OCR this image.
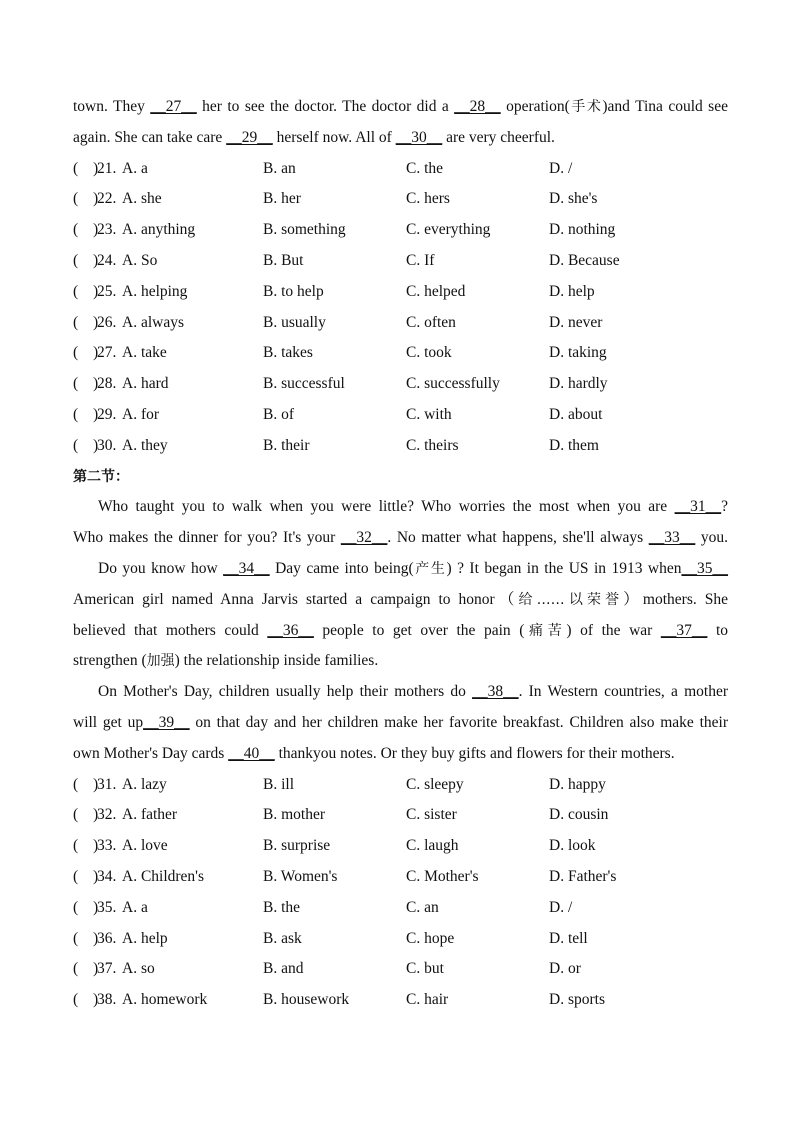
town. They __27__ her to see the doctor. The doctor did a __28__ operation(手术)and Tina could see
again. She can take care __29__ herself now. All of __30__ are very cheerful.
( )
21. A. a	B. an	C. the	D. /
( )
22. A. she	B. her	C. hers	D. she's
( )
23. A. anything	B. something	C. everything	D. nothing
( )
24. A. So	B. But	C. If	D. Because
( )
25. A. helping	B. to help	C. helped	D. help
( )
26. A. always	B. usually	C. often	D. never
( )
27. A. take	B. takes	C. took	D. taking
( )
28. A. hard	B. successful	C. successfully	D. hardly
( )
29. A. for	B. of	C. with	D. about
( )
30. A. they	B. their	C. theirs	D. them
第二节：
Who taught you to walk when you were little? Who worries the most when you are __31__?
Who makes the dinner for you? It's your __32__. No matter what happens, she'll always __33__ you.
Do you know how __34__ Day came into being(产生) ? It began in the US in 1913 when__35__
American girl named Anna Jarvis started a campaign to honor（给……以荣誉）mothers. She
believed that mothers could __36__ people to get over the pain (痛苦) of the war __37__ to
strengthen (加强) the relationship inside families.
On Mother's Day, children usually help their mothers do __38__. In Western countries, a mother
will get up__39__ on that day and her children make her favorite breakfast. Children also make their
own Mother's Day cards __40__ thankyou notes. Or they buy gifts and flowers for their mothers.
( )
31. A. lazy	B. ill	C. sleepy	D. happy
( )
32. A. father	B. mother	C. sister	D. cousin
( )
33. A. love	B. surprise	C. laugh	D. look
( )
34. A. Children's	B. Women's	C. Mother's	D. Father's
( )
35. A. a	B. the	C. an	D. /
( )
36. A. help	B. ask	C. hope	D. tell
( )
37. A. so	B. and	C. but	D. or
( )
38. A. homework	B. housework	C. hair	D. sports
